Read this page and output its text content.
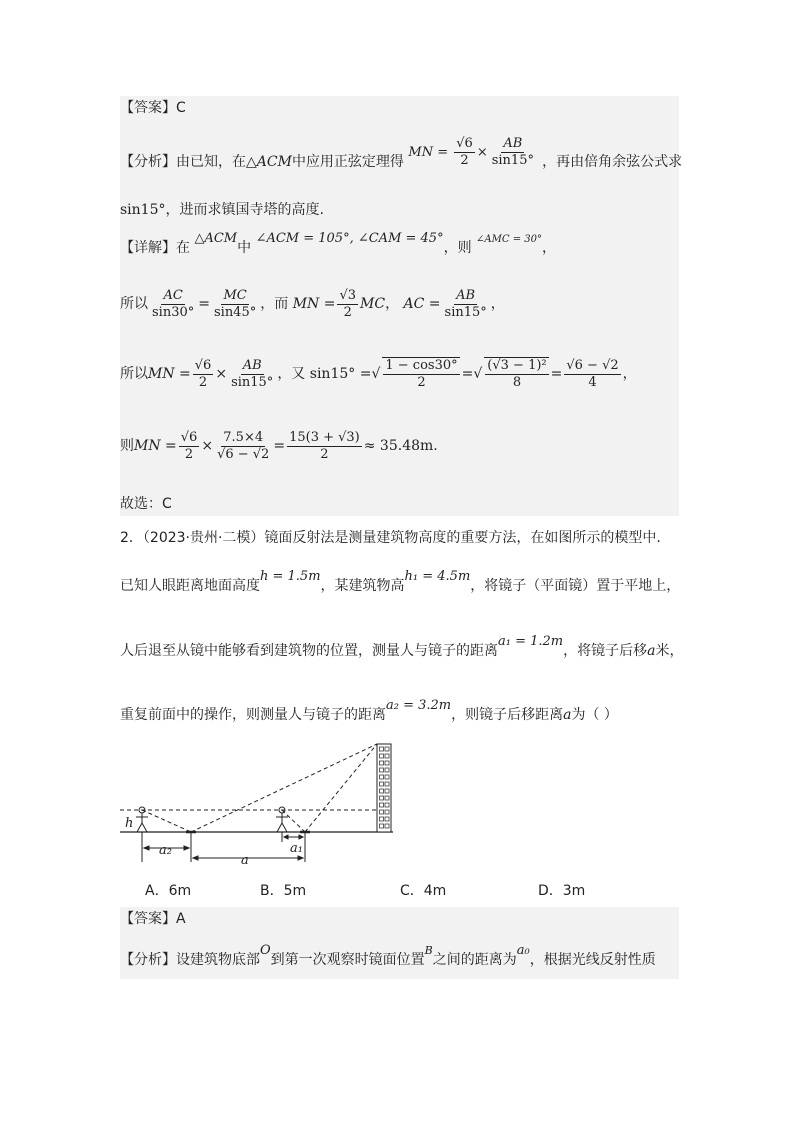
【答案】C
【分析】由已知，在△ACM中应用正弦定理得 MN = $\frac{√6}{2} \times \frac{AB}{\sin 15^\circ}$ ，再由倍角余弦公式求
sin15°，进而求镇国寺塔的高度.
【详解】在 △ACM中 ∠ACM = 105°, ∠CAM = 45°，则 $^{\angle AMC = 30^\circ}$，
所以 $\frac{AC}{\sin 30^\circ} = \frac{MC}{\sin 45^\circ}$ ，而 MN = $\frac{√3}{2}$ MC， AC = $\frac{AB}{\sin 15^\circ}$ ，
所以MN = $\frac{√6}{2} \times \frac{AB}{\sin 15^\circ}$ ，又 sin15° =√ $\frac{1 - \cos 30^\circ}{2}$ =√ $\frac{\text{(√3 − 1)²}}{8} = \frac{√6 - √2}{4}$ ，
则MN = $\frac{√6}{2} \times \frac{7.5\times 4}{√6 - √2} = \frac{15(3 + √3)}{2} \approx 35.48m$.
故选：C
2．（2023·贵州·二模）镜面反射法是测量建筑物高度的重要方法，在如图所示的模型中.
已知人眼距离地面高度h = 1.5m，某建筑物高h₁ = 4.5m，将镜子（平面镜）置于平地上，
人后退至从镜中能够看到建筑物的位置，测量人与镜子的距离a₁ = 1.2m，将镜子后移a米，
重复前面中的操作，则测量人与镜子的距离a₂ = 3.2m，则镜子后移距离a为（ ）
h
a₂
a
a₁
A．6m	B．5m	C．4m	D．3m
【答案】A
【分析】设建筑物底部O到第一次观察时镜面位置$^B$之间的距离为a₀，根据光线反射性质
